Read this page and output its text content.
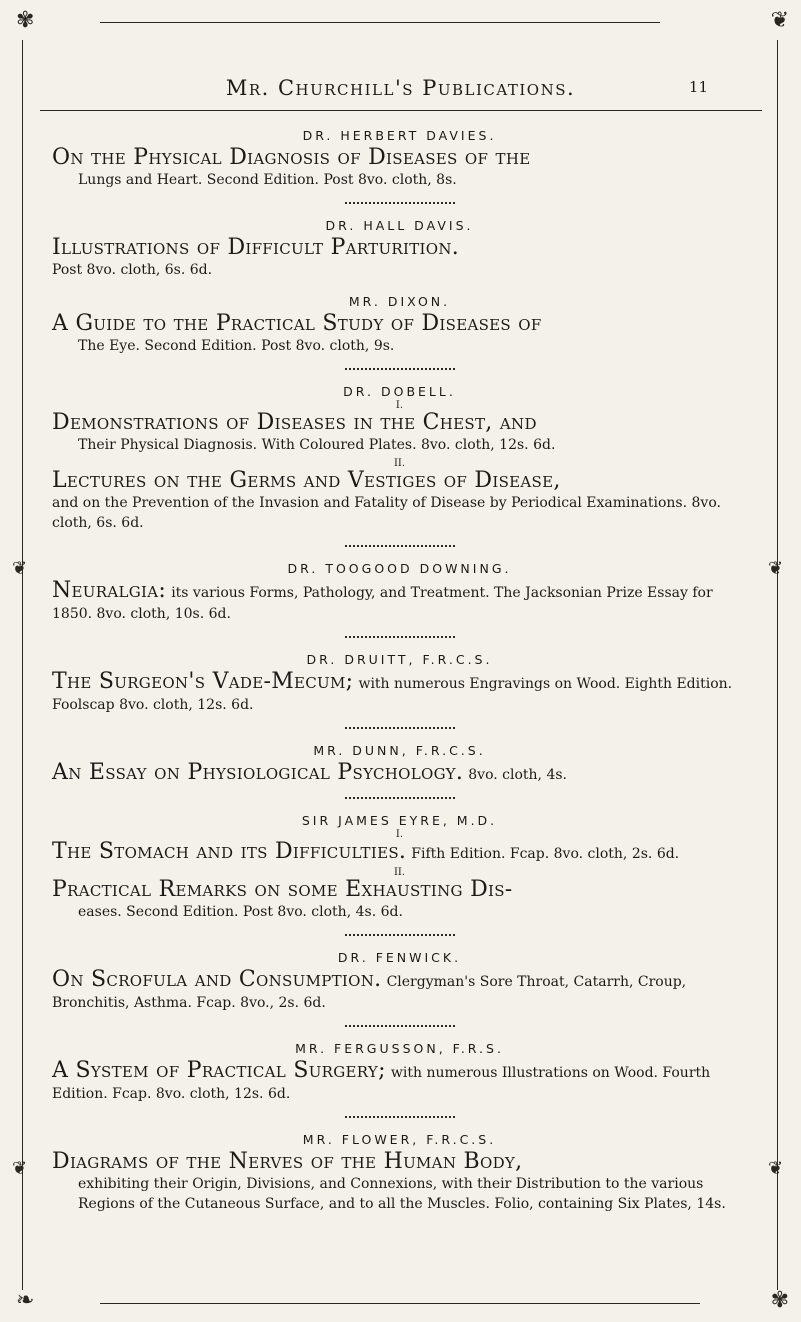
✾	❦
❧	✾
❦	❦
❦	❦
Mr. Churchill's Publications.	11
DR. HERBERT DAVIES.
On the Physical Diagnosis of Diseases of the
Lungs and Heart. Second Edition. Post 8vo. cloth, 8s.
DR. HALL DAVIS.
Illustrations of Difficult Parturition.
Post 8vo. cloth, 6s. 6d.
MR. DIXON.
A Guide to the Practical Study of Diseases of
The Eye. Second Edition. Post 8vo. cloth, 9s.
DR. DOBELL.
I.
Demonstrations of Diseases in the Chest, and
Their Physical Diagnosis. With Coloured Plates. 8vo. cloth, 12s. 6d.
II.
Lectures on the Germs and Vestiges of Disease,
and on the Prevention of the Invasion and Fatality of Disease by Periodical Examinations. 8vo. cloth, 6s. 6d.
DR. TOOGOOD DOWNING.
Neuralgia: its various Forms, Pathology, and Treatment. The Jacksonian Prize Essay for 1850. 8vo. cloth, 10s. 6d.
DR. DRUITT, F.R.C.S.
The Surgeon's Vade-Mecum; with numerous Engravings on Wood. Eighth Edition. Foolscap 8vo. cloth, 12s. 6d.
MR. DUNN, F.R.C.S.
An Essay on Physiological Psychology. 8vo. cloth, 4s.
SIR JAMES EYRE, M.D.
I.
The Stomach and its Difficulties. Fifth Edition. Fcap. 8vo. cloth, 2s. 6d.
II.
Practical Remarks on some Exhausting Dis-
eases. Second Edition. Post 8vo. cloth, 4s. 6d.
DR. FENWICK.
On Scrofula and Consumption. Clergyman's Sore Throat, Catarrh, Croup, Bronchitis, Asthma. Fcap. 8vo., 2s. 6d.
MR. FERGUSSON, F.R.S.
A System of Practical Surgery; with numerous Illustrations on Wood. Fourth Edition. Fcap. 8vo. cloth, 12s. 6d.
MR. FLOWER, F.R.C.S.
Diagrams of the Nerves of the Human Body,
exhibiting their Origin, Divisions, and Connexions, with their Distribution to the various Regions of the Cutaneous Surface, and to all the Muscles. Folio, containing Six Plates, 14s.
